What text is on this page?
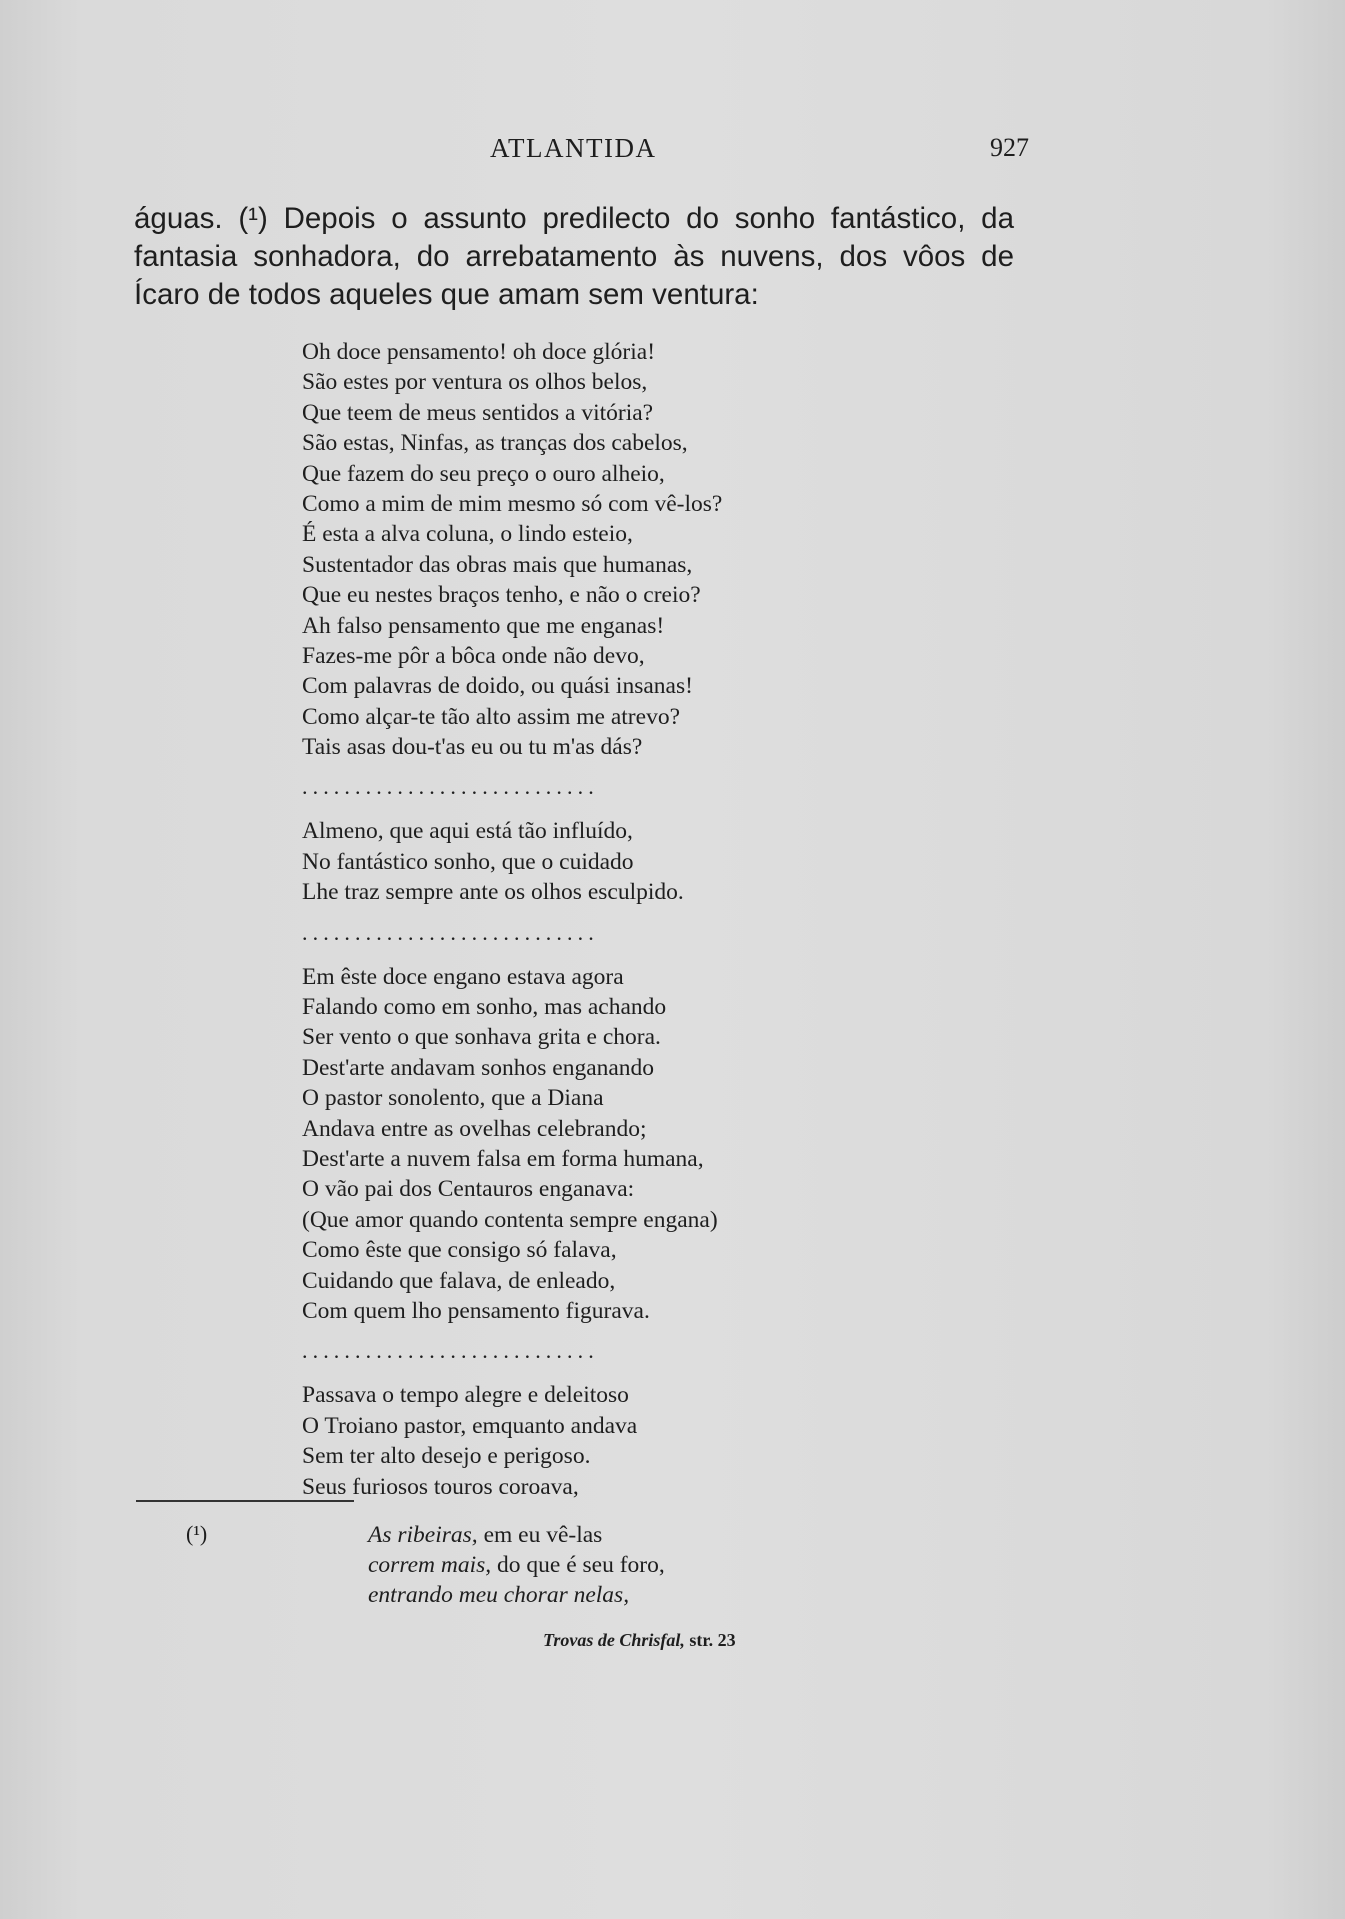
ATLANTIDA	927
águas. (¹) Depois o assunto predilecto do sonho fantástico, da
fantasia sonhadora, do arrebatamento às nuvens, dos vôos de
Ícaro de todos aqueles que amam sem ventura:
Oh doce pensamento! oh doce glória!
São estes por ventura os olhos belos,
Que teem de meus sentidos a vitória?
São estas, Ninfas, as tranças dos cabelos,
Que fazem do seu preço o ouro alheio,
Como a mim de mim mesmo só com vê-los?
É esta a alva coluna, o lindo esteio,
Sustentador das obras mais que humanas,
Que eu nestes braços tenho, e não o creio?
Ah falso pensamento que me enganas!
Fazes-me pôr a bôca onde não devo,
Com palavras de doido, ou quási insanas!
Como alçar-te tão alto assim me atrevo?
Tais asas dou-t'as eu ou tu m'as dás?
............................
Almeno, que aqui está tão influído,
No fantástico sonho, que o cuidado
Lhe traz sempre ante os olhos esculpido.
............................
Em êste doce engano estava agora
Falando como em sonho, mas achando
Ser vento o que sonhava grita e chora.
Dest'arte andavam sonhos enganando
O pastor sonolento, que a Diana
Andava entre as ovelhas celebrando;
Dest'arte a nuvem falsa em forma humana,
O vão pai dos Centauros enganava:
(Que amor quando contenta sempre engana)
Como êste que consigo só falava,
Cuidando que falava, de enleado,
Com quem lho pensamento figurava.
............................
Passava o tempo alegre e deleitoso
O Troiano pastor, emquanto andava
Sem ter alto desejo e perigoso.
Seus furiosos touros coroava,
(¹)	As ribeiras, em eu vê-las
correm mais, do que é seu foro,
entrando meu chorar nelas,
Trovas de Chrisfal, str. 23
